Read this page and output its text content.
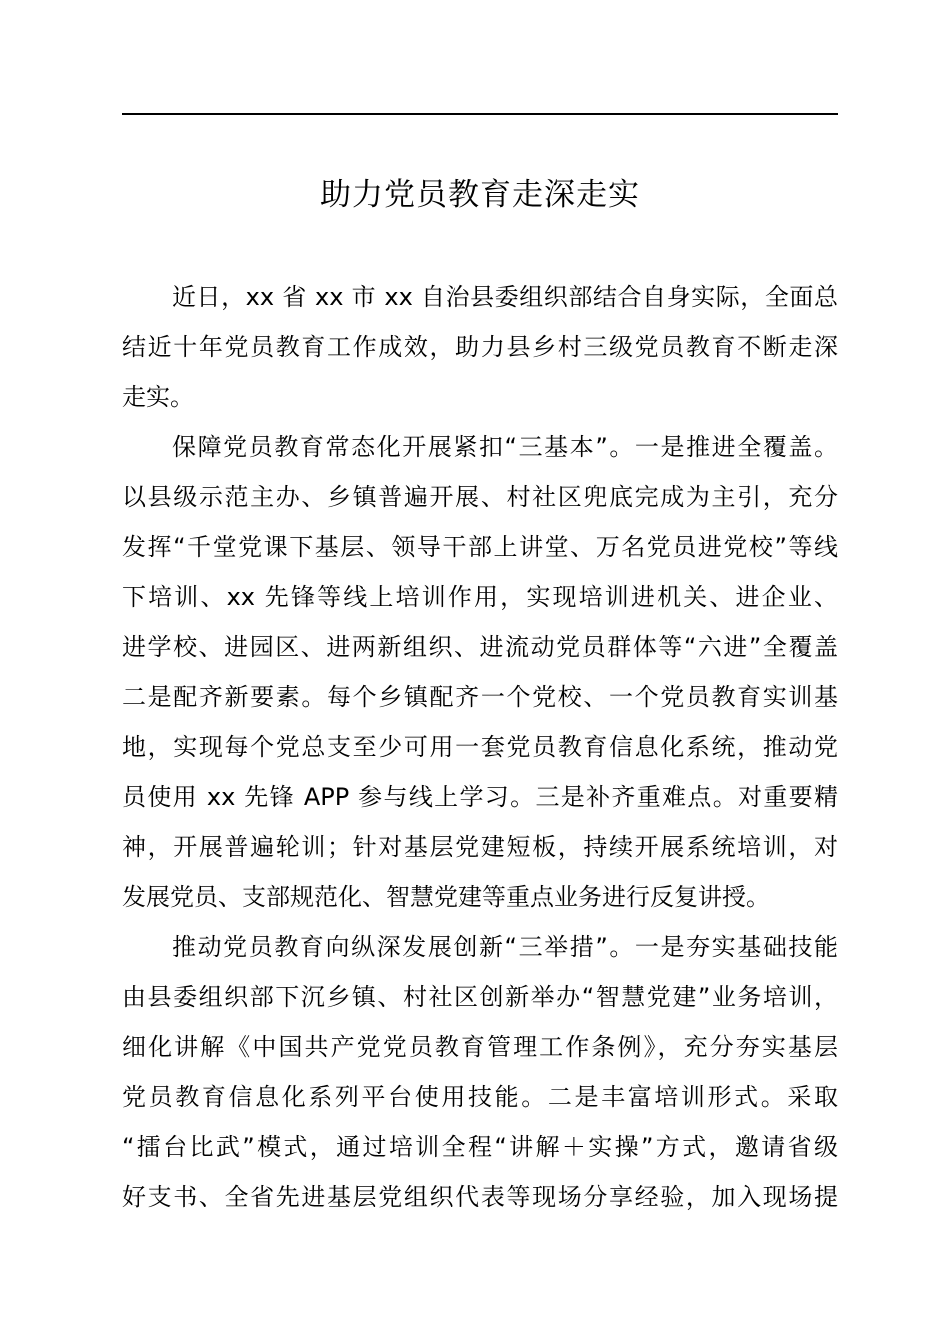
助力党员教育走深走实
近日，xx 省 xx 市 xx 自治县委组织部结合自身实际，全面总
结近十年党员教育工作成效，助力县乡村三级党员教育不断走深
走实。
保障党员教育常态化开展紧扣“三基本”。一是推进全覆盖。
以县级示范主办、乡镇普遍开展、村社区兜底完成为主引，充分
发挥“千堂党课下基层、领导干部上讲堂、万名党员进党校”等线
下培训、xx 先锋等线上培训作用，实现培训进机关、进企业、
进学校、进园区、进两新组织、进流动党员群体等“六进”全覆盖
二是配齐新要素。每个乡镇配齐一个党校、一个党员教育实训基
地，实现每个党总支至少可用一套党员教育信息化系统，推动党
员使用 xx 先锋 APP 参与线上学习。三是补齐重难点。对重要精
神，开展普遍轮训；针对基层党建短板，持续开展系统培训，对
发展党员、支部规范化、智慧党建等重点业务进行反复讲授。
推动党员教育向纵深发展创新“三举措”。一是夯实基础技能
由县委组织部下沉乡镇、村社区创新举办“智慧党建”业务培训，
细化讲解《中国共产党党员教育管理工作条例》，充分夯实基层
党员教育信息化系列平台使用技能。二是丰富培训形式。采取
“擂台比武”模式，通过培训全程“讲解＋实操”方式，邀请省级
好支书、全省先进基层党组织代表等现场分享经验，加入现场提
